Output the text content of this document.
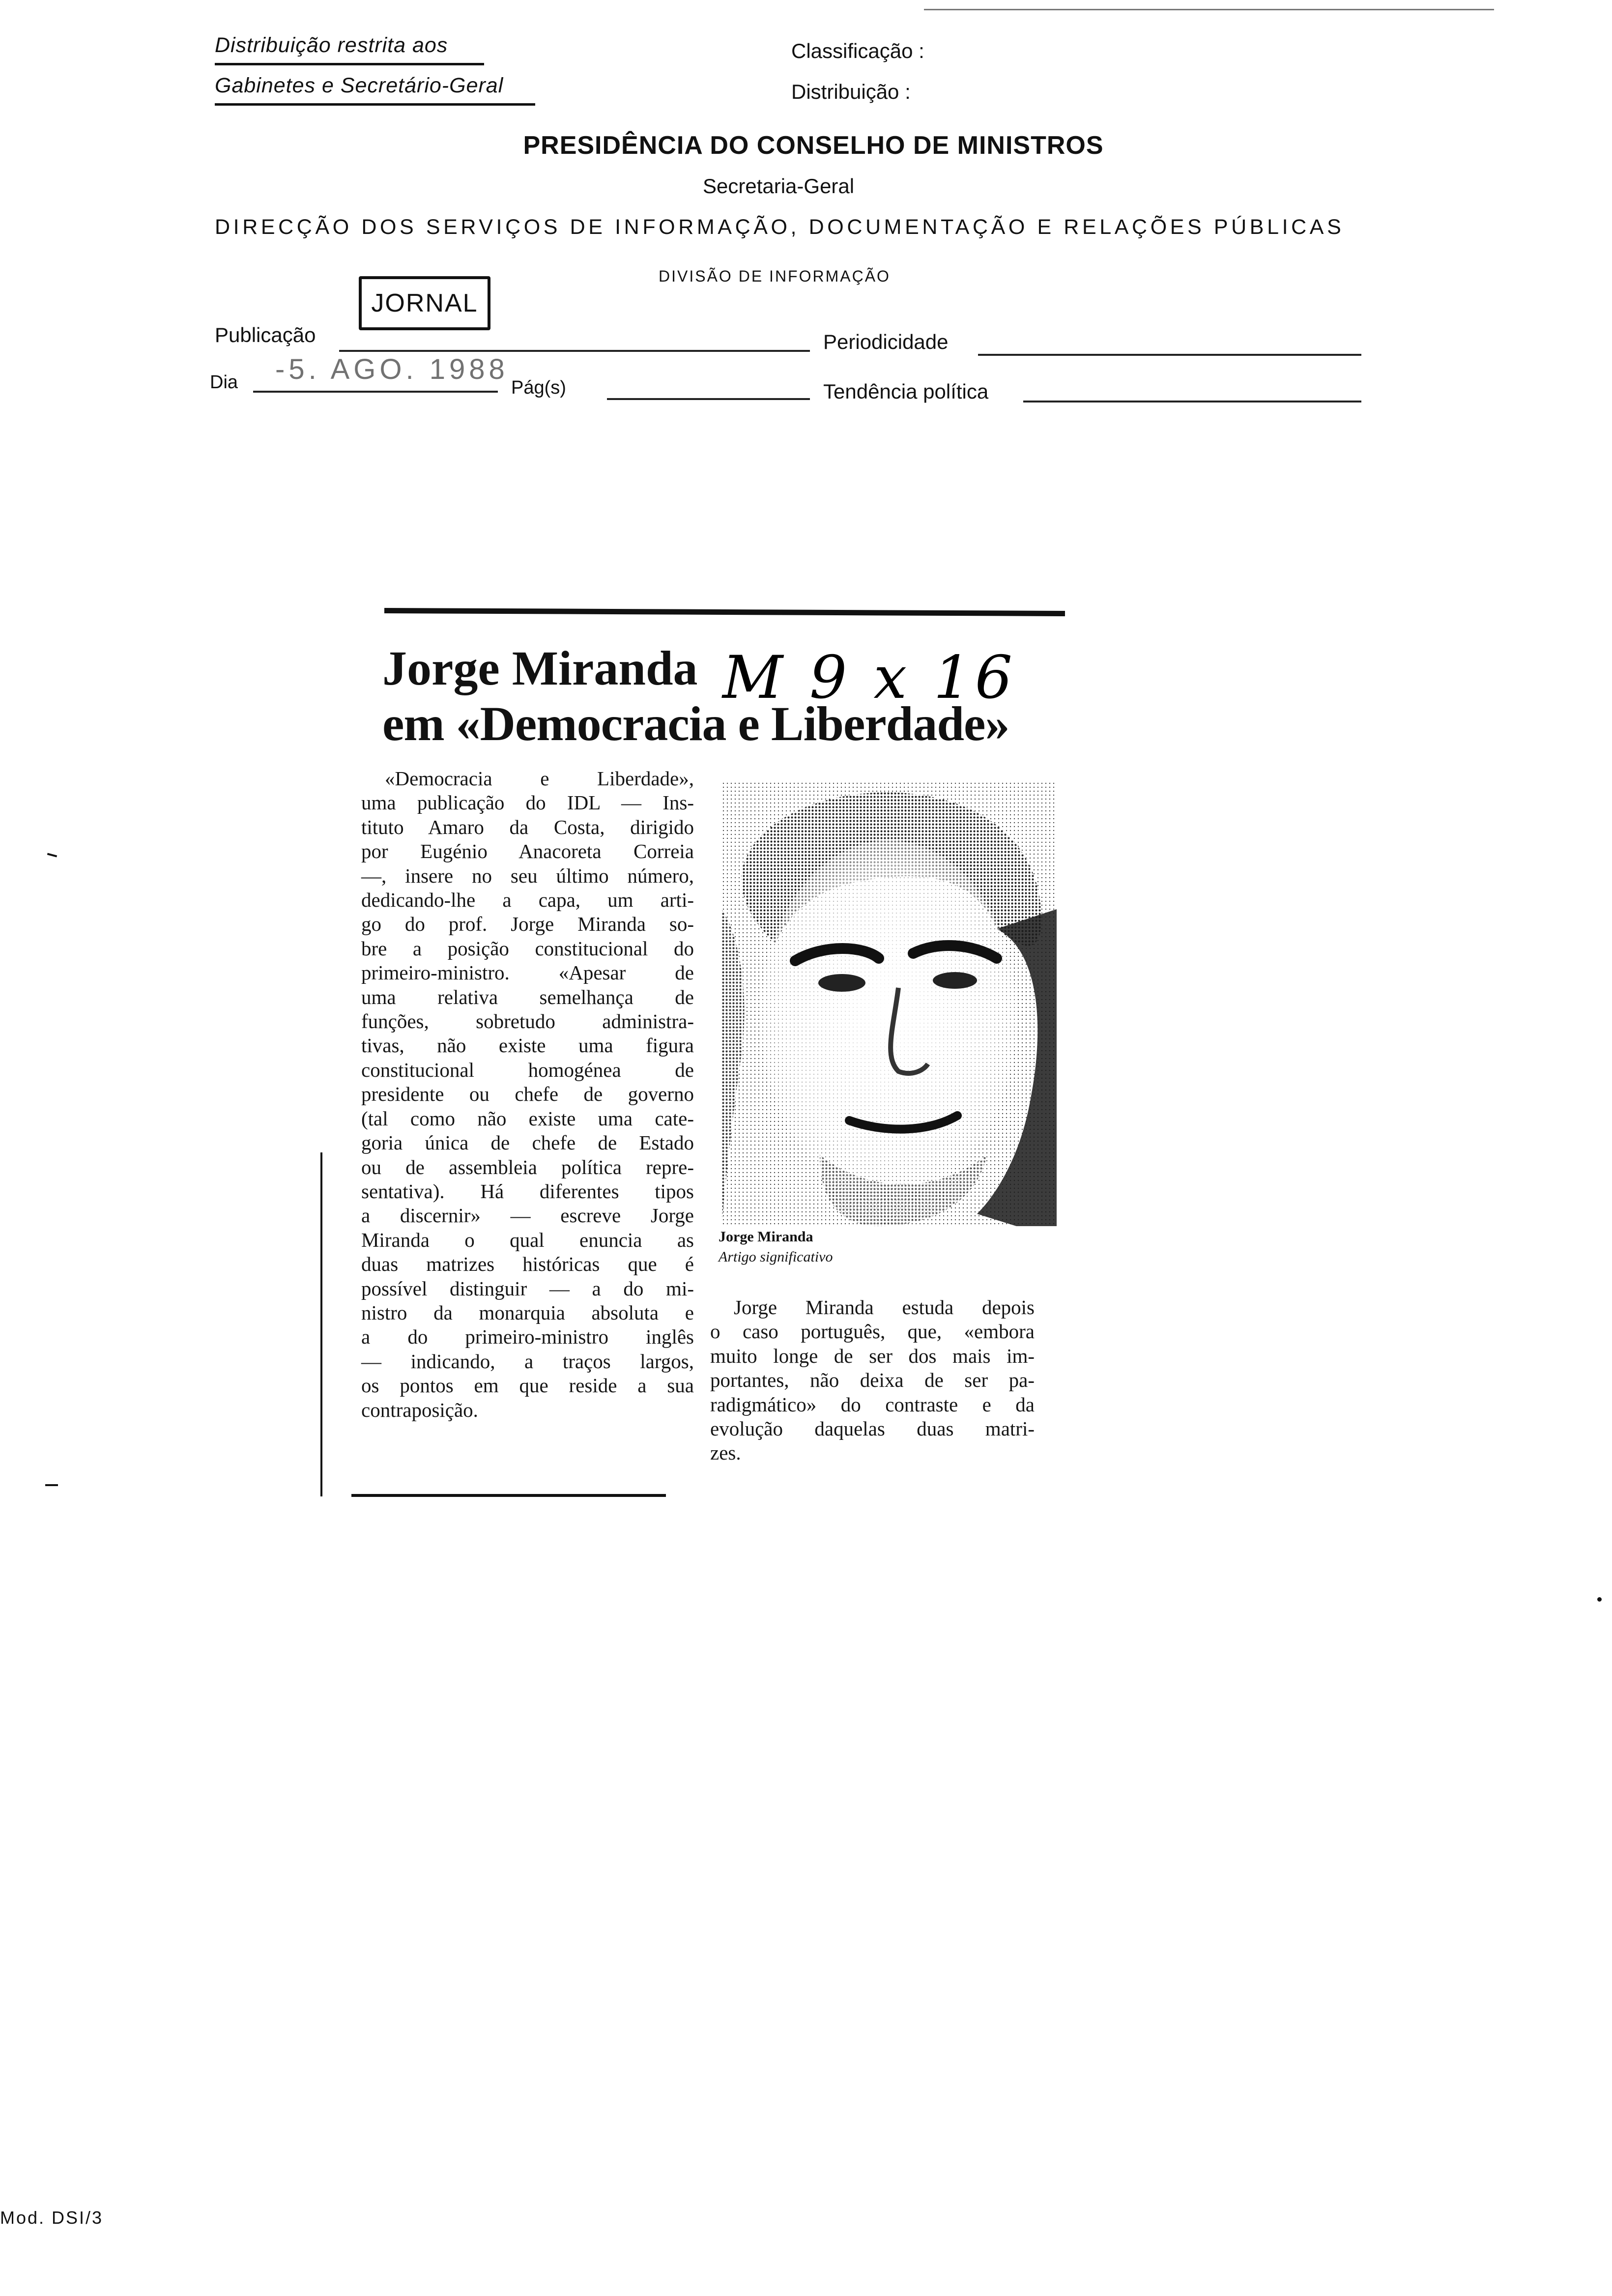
Distribuição restrita aos
Gabinetes e Secretário-Geral
Classificação :
Distribuição :
PRESIDÊNCIA DO CONSELHO DE MINISTROS
Secretaria-Geral
DIRECÇÃO DOS SERVIÇOS DE INFORMAÇÃO, DOCUMENTAÇÃO E RELAÇÕES PÚBLICAS
DIVISÃO DE INFORMAÇÃO
JORNAL
Publicação	Periodicidade
Dia -5. AGO. 1988
Pág(s)	Tendência política
Jorge Miranda
em «Democracia e Liberdade»
M 9 x 16
«Democracia e Liberdade»,
uma publicação do IDL — Ins-
tituto Amaro da Costa, dirigido
por Eugénio Anacoreta Correia
—, insere no seu último número,
dedicando-lhe a capa, um arti-
go do prof. Jorge Miranda so-
bre a posição constitucional do
primeiro-ministro. «Apesar de
uma relativa semelhança de
funções, sobretudo administra-
tivas, não existe uma figura
constitucional homogénea de
presidente ou chefe de governo
(tal como não existe uma cate-
goria única de chefe de Estado
ou de assembleia política repre-
sentativa). Há diferentes tipos
a discernir» — escreve Jorge
Miranda o qual enuncia as
duas matrizes históricas que é
possível distinguir — a do mi-
nistro da monarquia absoluta e
a do primeiro-ministro inglês
— indicando, a traços largos,
os pontos em que reside a sua
contraposição.
Jorge Miranda
Artigo significativo
Jorge Miranda estuda depois
o caso português, que, «embora
muito longe de ser dos mais im-
portantes, não deixa de ser pa-
radigmático» do contraste e da
evolução daquelas duas matri-
zes.
Mod. DSI/3
